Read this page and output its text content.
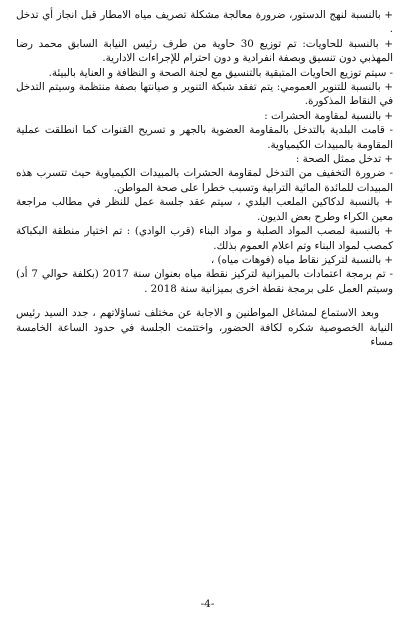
+ بالنسبة لنهج الدستور، ضرورة معالجة مشكلة تصريف مياه الامطار قبل انجاز أي تدخل .

+ بالنسبة للحاويات: تم توزيع 30 حاوية من طرف رئيس النيابة السابق محمد رضا المهذبي دون تنسيق وبصفة انفرادية و دون احترام للإجراءات الادارية.

- سيتم توزيع الحاويات المتبقية بالتنسيق مع لجنة الصحة و النظافة و العناية بالبيئة.

+ بالنسبة للتنوير العمومي: يتم تفقد شبكة التنوير و صيانتها بصفة منتظمة وسيتم التدخل في النقاط المذكورة.

+ بالنسبة لمقاومة الحشرات :

- قامت البلدية بالتدخل بالمقاومة العضوية بالجهر و تسريح القنوات كما انطلقت عملية المقاومة بالمبيدات الكيمياوية.

+ تدخل ممثل الصحة :

- ضرورة التخفيف من التدخل لمقاومة الحشرات بالمبيدات الكيمياوية حيث تتسرب هذه المبيدات للمائدة المائية الترابية وتسبب خطرا على صحة المواطن.

+ بالنسبة لدكاكين الملعب البلدي ، سيتم عقد جلسة عمل للنظر في مطالب مراجعة معين الكراء وطرح بعض الديون.

+ بالنسبة لمصب المواد الصلبة و مواد البناء (قرب الوادي) : تم اختيار منطقة البكباكة كمصب لمواد البناء وتم اعلام العموم بذلك.

+ بالنسبة لتركيز نقاط مياه (فوهات مياه) ،

- تم برمجة اعتمادات بالميزانية لتركيز نقطة مياه بعنوان سنة 2017 (بكلفة حوالي 7 أد) وسيتم العمل على برمجة نقطة اخرى بميزانية سنة 2018 .

وبعد الاستماع لمشاغل المواطنين و الاجابة عن مختلف تساؤلاتهم ، جدد السيد رئيس النيابة الخصوصية شكره لكافة الحضور، واختتمت الجلسة في حدود الساعة الخامسة مساء

-4-
